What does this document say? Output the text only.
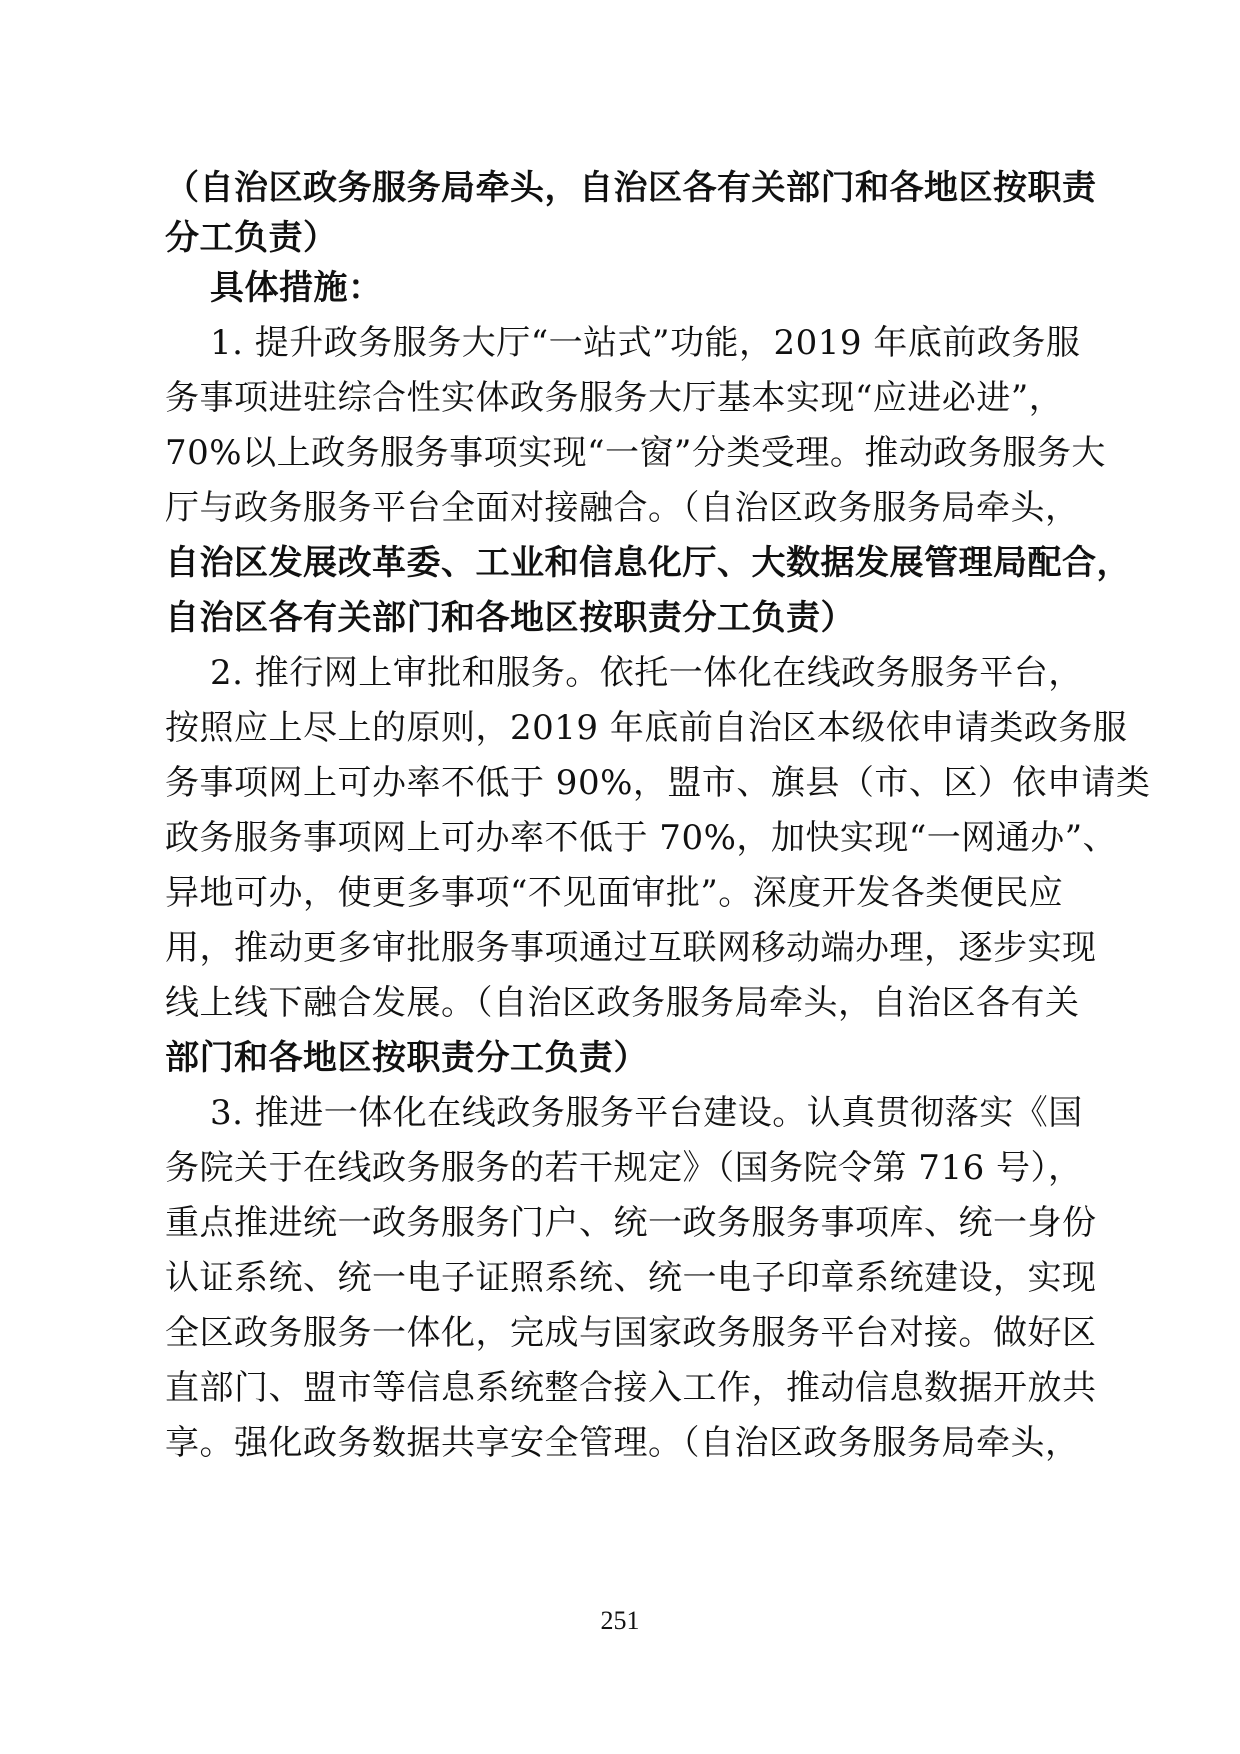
（自治区政务服务局牵头，自治区各有关部门和各地区按职责
分工负责）
具体措施：
1. 提升政务服务大厅“一站式”功能，2019 年底前政务服
务事项进驻综合性实体政务服务大厅基本实现“应进必进”，
70%以上政务服务事项实现“一窗”分类受理。推动政务服务大
厅与政务服务平台全面对接融合。（自治区政务服务局牵头，
自治区发展改革委、工业和信息化厅、大数据发展管理局配合，
自治区各有关部门和各地区按职责分工负责）
2. 推行网上审批和服务。依托一体化在线政务服务平台，
按照应上尽上的原则，2019 年底前自治区本级依申请类政务服
务事项网上可办率不低于 90%，盟市、旗县（市、区）依申请类
政务服务事项网上可办率不低于 70%，加快实现“一网通办”、
异地可办，使更多事项“不见面审批”。深度开发各类便民应
用，推动更多审批服务事项通过互联网移动端办理，逐步实现
线上线下融合发展。（自治区政务服务局牵头，自治区各有关
部门和各地区按职责分工负责）
3. 推进一体化在线政务服务平台建设。认真贯彻落实《国
务院关于在线政务服务的若干规定》（国务院令第 716 号），
重点推进统一政务服务门户、统一政务服务事项库、统一身份
认证系统、统一电子证照系统、统一电子印章系统建设，实现
全区政务服务一体化，完成与国家政务服务平台对接。做好区
直部门、盟市等信息系统整合接入工作，推动信息数据开放共
享。强化政务数据共享安全管理。（自治区政务服务局牵头，
251
